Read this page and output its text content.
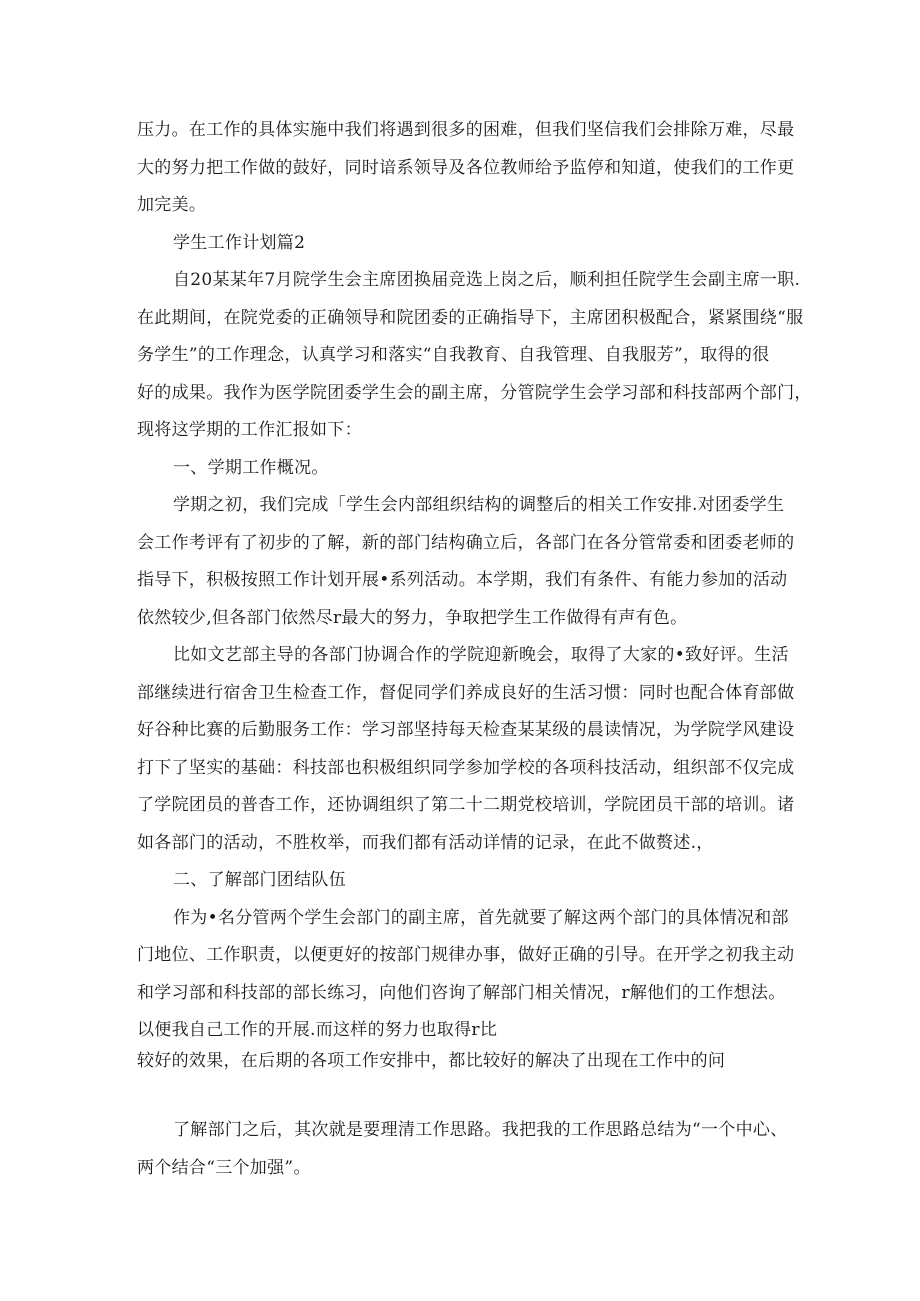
压力。在工作的具体实施中我们将遇到很多的困难，但我们坚信我们会排除万难，尽最
大的努力把工作做的鼓好，同时谙系领导及各位教师给予监停和知道，使我们的工作更
加完美。
学生工作计划篇2
自20某某年7月院学生会主席团换届竞选上岗之后，顺利担任院学生会副主席一职.
在此期间，在院党委的正确领导和院团委的正确指导下，主席团积极配合，紧紧围绕“服
务学生”的工作理念，认真学习和落实“自我教育、自我管理、自我服芳”，取得的很
好的成果。我作为医学院团委学生会的副主席，分管院学生会学习部和科技部两个部门，
现将这学期的工作汇报如下：
一、学期工作概况。
学期之初，我们完成「学生会内部组织结构的调整后的相关工作安排.对团委学生
会工作考评有了初步的了解，新的部门结构确立后，各部门在各分管常委和团委老师的
指导下，积极按照工作计划开展•系列活动。本学期，我们有条件、有能力参加的活动
依然较少,但各部门依然尽r最大的努力，争取把学生工作做得有声有色。
比如文艺部主导的各部门协调合作的学院迎新晚会，取得了大家的•致好评。生活
部继续进行宿舍卫生检查工作，督促同学们养成良好的生活习惯：同时也配合体育部做
好谷种比赛的后勤服务工作：学习部坚持每天检查某某级的晨读情况，为学院学风建设
打下了坚实的基础：科技部也积极组织同学参加学校的各项科技活动，组织部不仅完成
了学院团员的普杳工作，还协调组织了第二十二期党校培训，学院团员干部的培训。诸
如各部门的活动，不胜枚举，而我们都有活动详情的记录，在此不做赘述.，
二、了解部门团结队伍
作为•名分管两个学生会部门的副主席，首先就要了解这两个部门的具体情况和部
门地位、工作职责，以便更好的按部门规律办事，做好正确的引导。在开学之初我主动
和学习部和科技部的部长练习，向他们咨询了解部门相关情况，r解他们的工作想法。
以便我自己工作的开展.而这样的努力也取得r比
较好的效果，在后期的各项工作安排中，都比较好的解决了出现在工作中的问
了解部门之后，其次就是要理清工作思路。我把我的工作思路总结为“一个中心、
两个结合“三个加强”。
